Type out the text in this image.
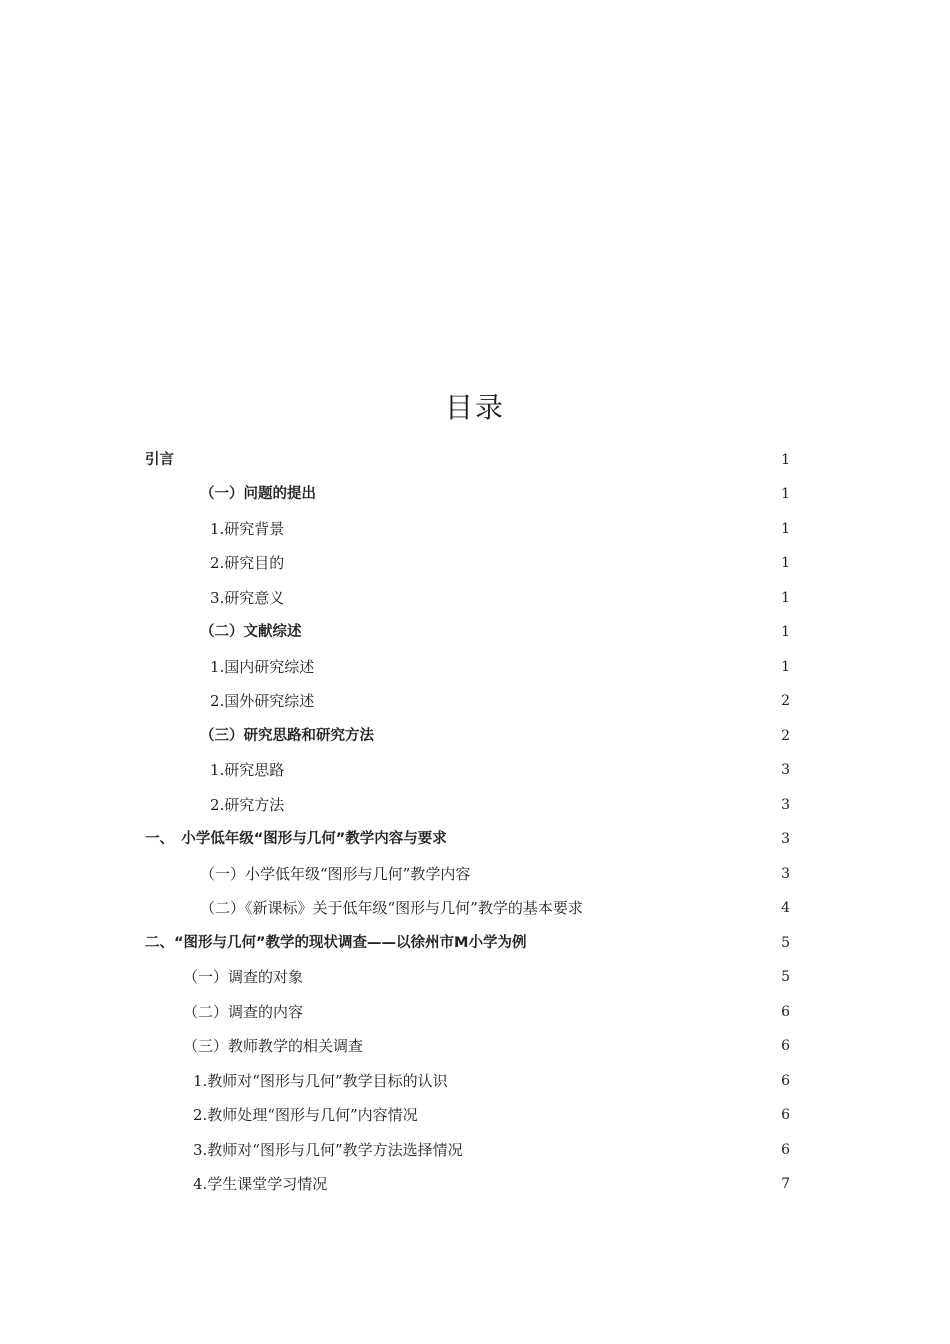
目录
引言	1
（一）问题的提出	1
1.研究背景	1
2.研究目的	1
3.研究意义	1
（二）文献综述	1
1.国内研究综述	1
2.国外研究综述	2
（三）研究思路和研究方法	2
1.研究思路	3
2.研究方法	3
一、　小学低年级“图形与几何”教学内容与要求	3
（一）小学低年级“图形与几何”教学内容	3
（二）《新课标》关于低年级“图形与几何”教学的基本要求	4
二、“图形与几何”教学的现状调查——以徐州市M小学为例	5
（一）调查的对象	5
（二）调查的内容	6
（三）教师教学的相关调查	6
1.教师对“图形与几何”教学目标的认识	6
2.教师处理“图形与几何”内容情况	6
3.教师对“图形与几何”教学方法选择情况	6
4.学生课堂学习情况	7
